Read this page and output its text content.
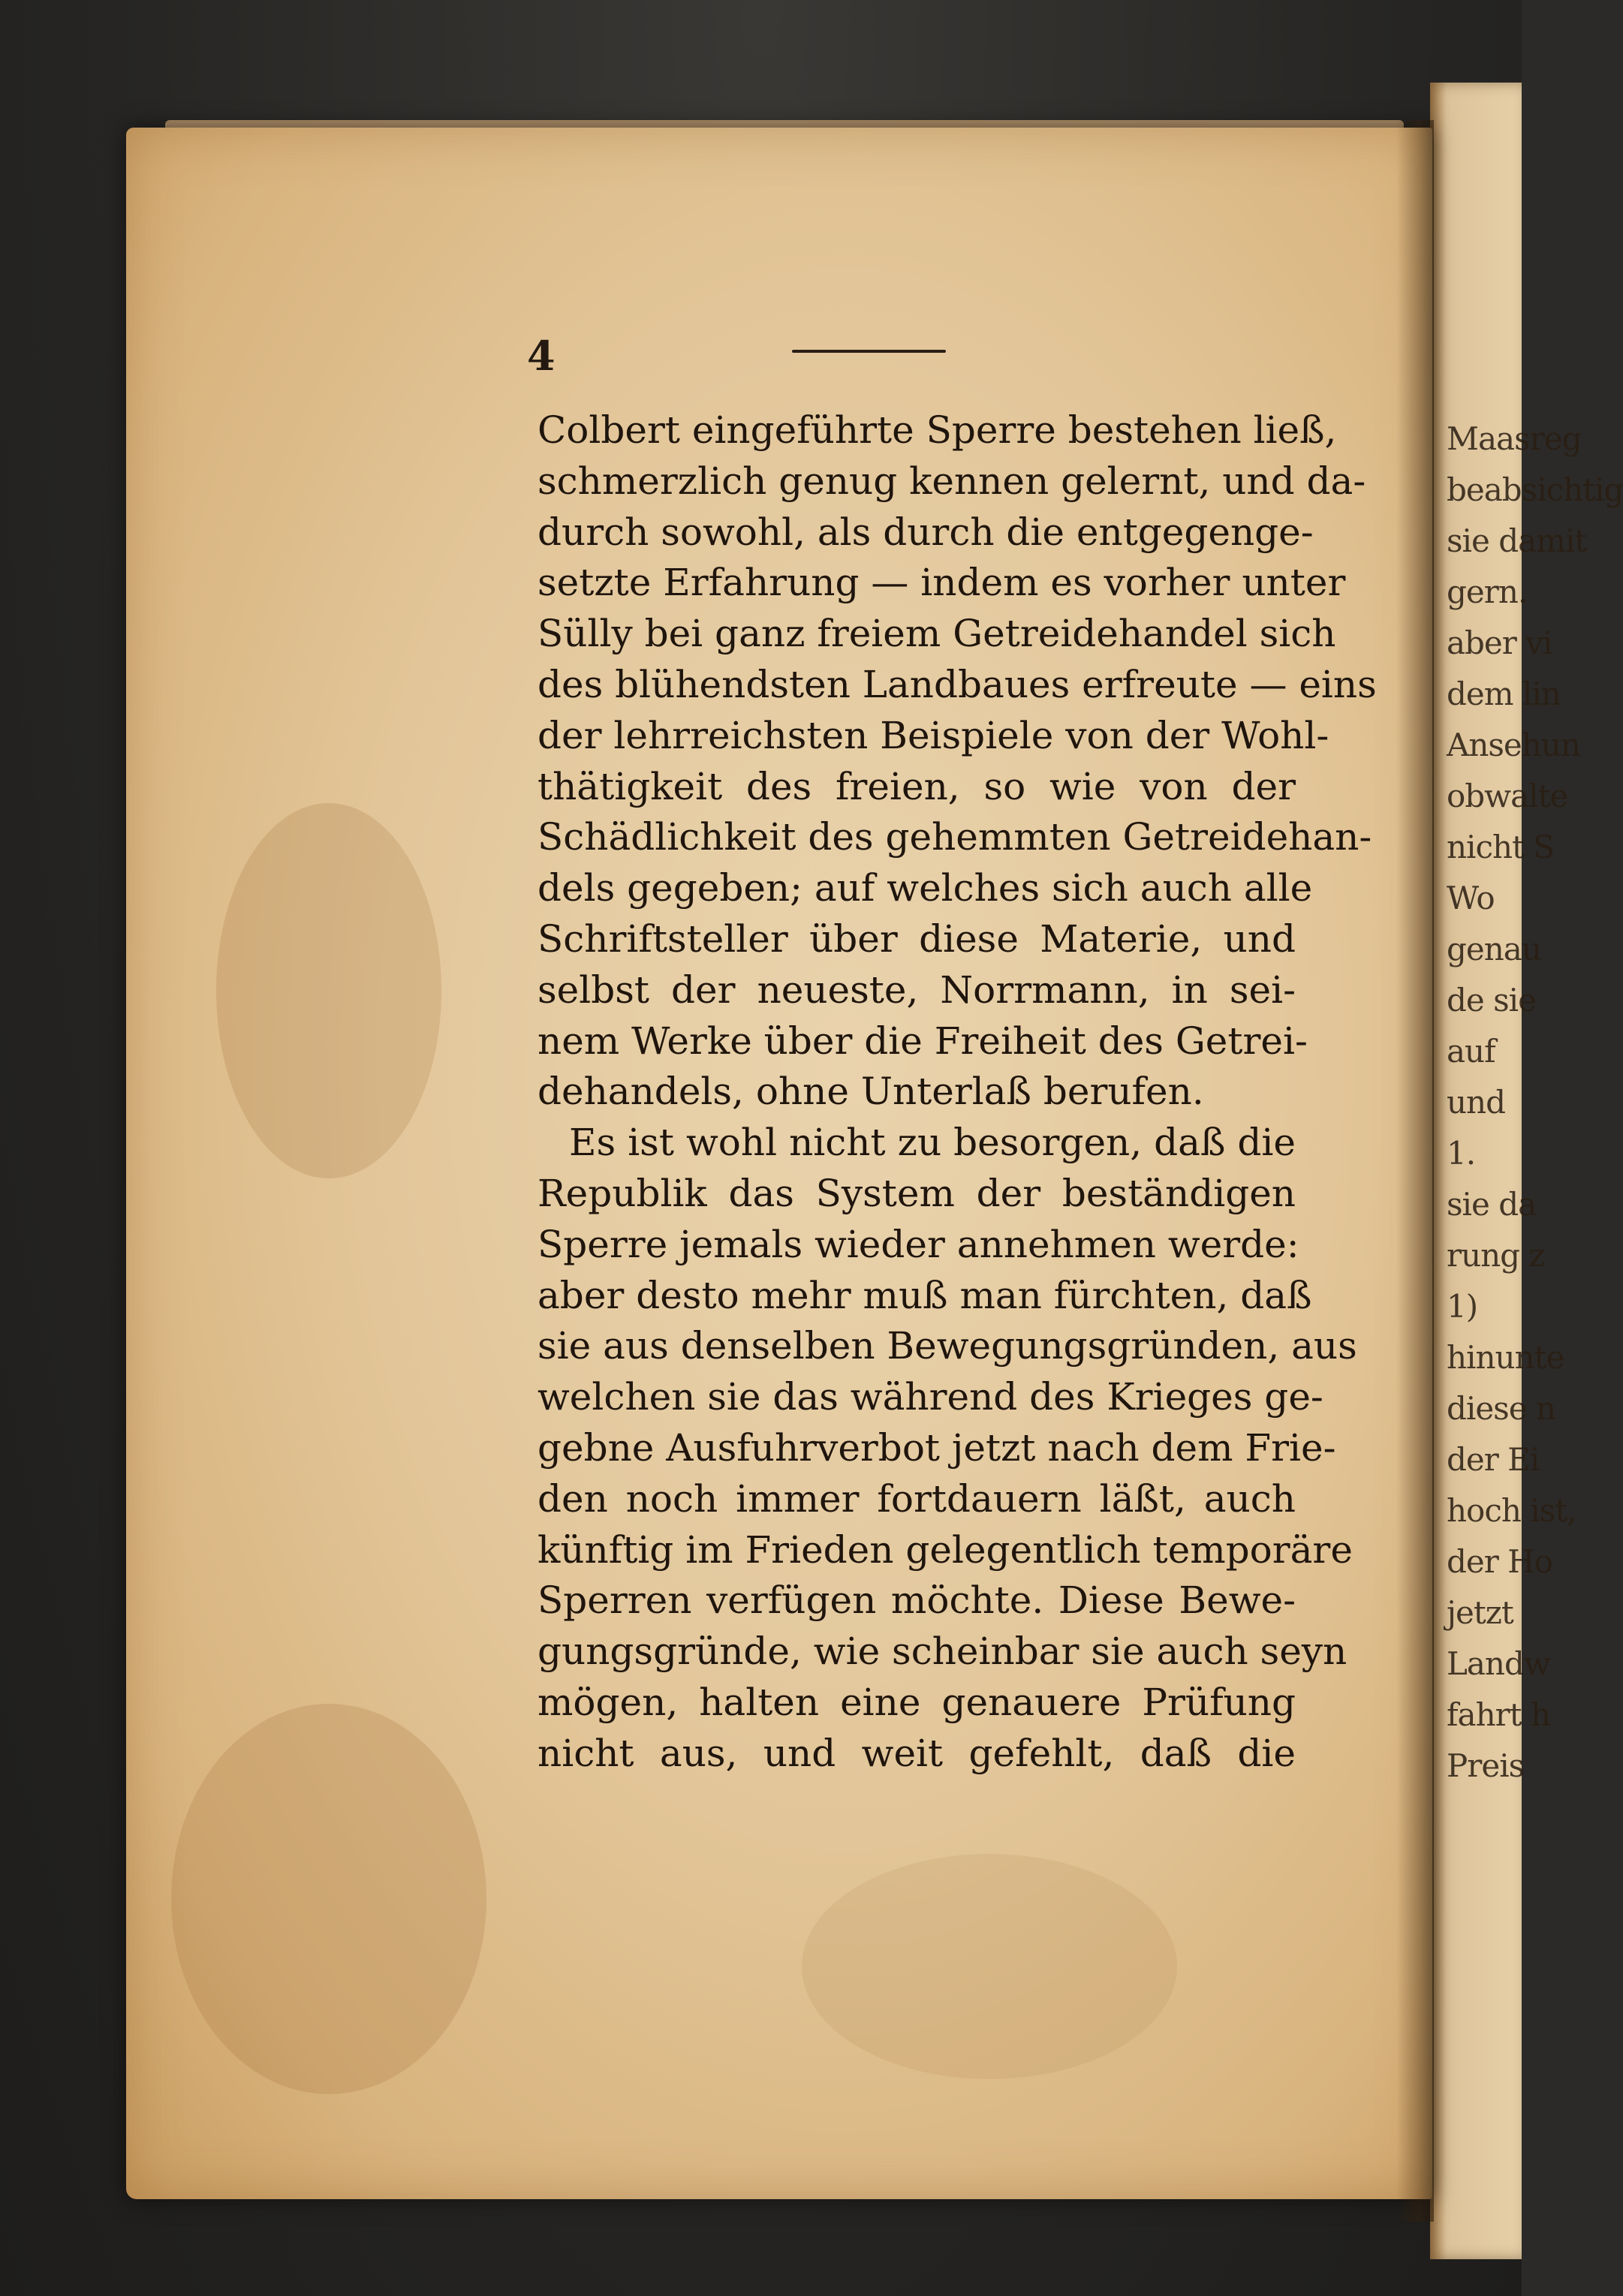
Maasreg
beabsichtig
sie damit
gern.
aber vi
dem lin
Ansehun
obwalte
nicht S
Wo
genau
de sie
auf
und
1.
sie da
rung z
1)
hinunte
diese n
der Ei
hoch ist,
der Ho
jetzt
Landw
fahrt h
Preis
4
Colbert eingeführte Sperre bestehen ließ,
schmerzlich genug kennen gelernt, und da-
durch sowohl, als durch die entgegenge-
setzte Erfahrung — indem es vorher unter
Sülly bei ganz freiem Getreidehandel sich
des blühendsten Landbaues erfreute — eins
der lehrreichsten Beispiele von der Wohl-
thätigkeit des freien, so wie von der
Schädlichkeit des gehemmten Getreidehan-
dels gegeben; auf welches sich auch alle
Schriftsteller über diese Materie, und
selbst der neueste, Norrmann, in sei-
nem Werke über die Freiheit des Getrei-
dehandels, ohne Unterlaß berufen.
Es ist wohl nicht zu besorgen, daß die
Republik das System der beständigen
Sperre jemals wieder annehmen werde:
aber desto mehr muß man fürchten, daß
sie aus denselben Bewegungsgründen, aus
welchen sie das während des Krieges ge-
gebne Ausfuhrverbot jetzt nach dem Frie-
den noch immer fortdauern läßt, auch
künftig im Frieden gelegentlich temporäre
Sperren verfügen möchte. Diese Bewe-
gungsgründe, wie scheinbar sie auch seyn
mögen, halten eine genauere Prüfung
nicht aus, und weit gefehlt, daß die
